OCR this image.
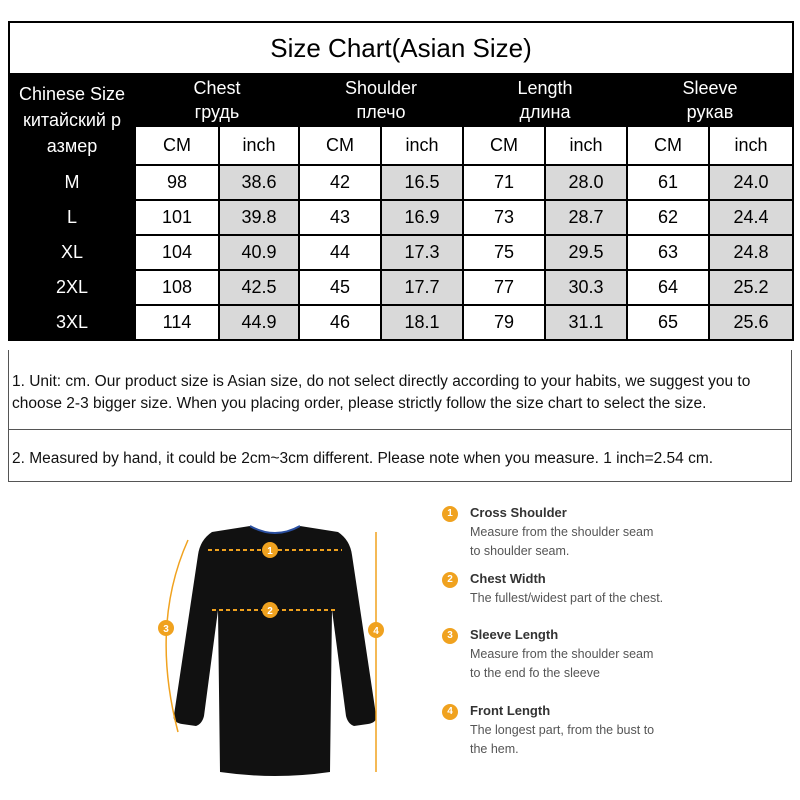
Size Chart(Asian Size)								

Chinese Size
китайский р
азмер	Chest
грудь		Shoulder
плечо		Length
длина		Sleeve
рукав	

	CM	inch	CM	inch	CM	inch	CM	inch
M	98	38.6	42	16.5	71	28.0	61	24.0
L	101	39.8	43	16.9	73	28.7	62	24.4
XL	104	40.9	44	17.3	75	29.5	63	24.8
2XL	108	42.5	45	17.7	77	30.3	64	25.2
3XL	114	44.9	46	18.1	79	31.1	65	25.6
1. Unit: cm. Our product size is Asian size, do not select directly according to your habits, we suggest you to choose 2-3 bigger size. When you placing order, please strictly follow the size chart to select the size.
2. Measured by hand, it could be 2cm~3cm different. Please note when you measure. 1 inch=2.54 cm.
1
2
3	4
1	Cross Shoulder
Measure from the shoulder seam
to shoulder seam.
2	Chest Width
The fullest/widest part of the chest.
3	Sleeve Length
Measure from the shoulder seam
to the end fo the sleeve
4	Front Length
The longest part, from the bust to
the hem.
